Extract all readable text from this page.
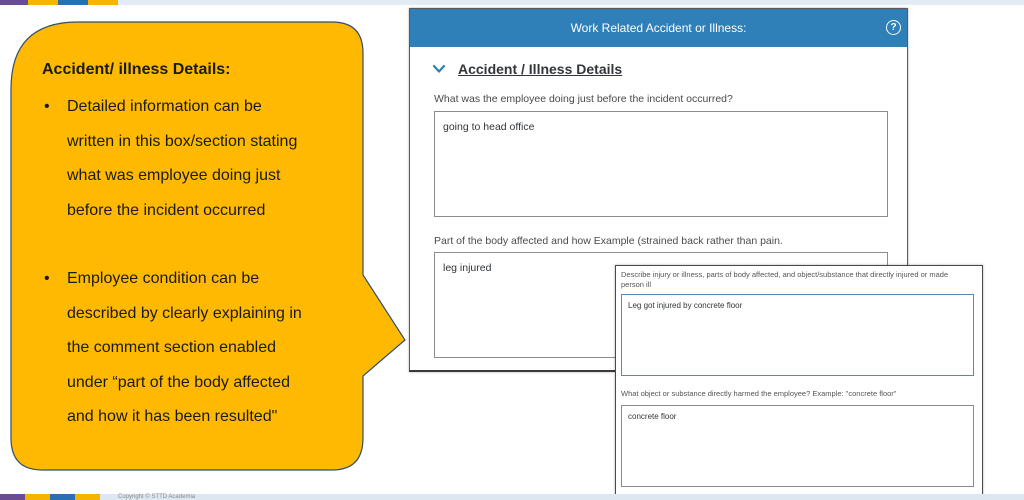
Accident/ illness Details:
•	Detailed information can be
written in this box/section stating
what was employee doing just
before the incident occurred
•	Employee condition can be
described by clearly explaining in
the comment section enabled
under “part of the body affected
and how it has been resulted"
Work Related Accident or Illness:	?
Accident / Illness Details
What was the employee doing just before the incident occurred?
going to head office
Part of the body affected and how Example (strained back rather than pain.
leg injured
Describe injury or illness, parts of body affected, and object/substance that directly injured or made person ill
Leg got injured by concrete floor
What object or substance directly harmed the employee? Example: "concrete floor"
concrete floor
Copyright © STTD Academia
